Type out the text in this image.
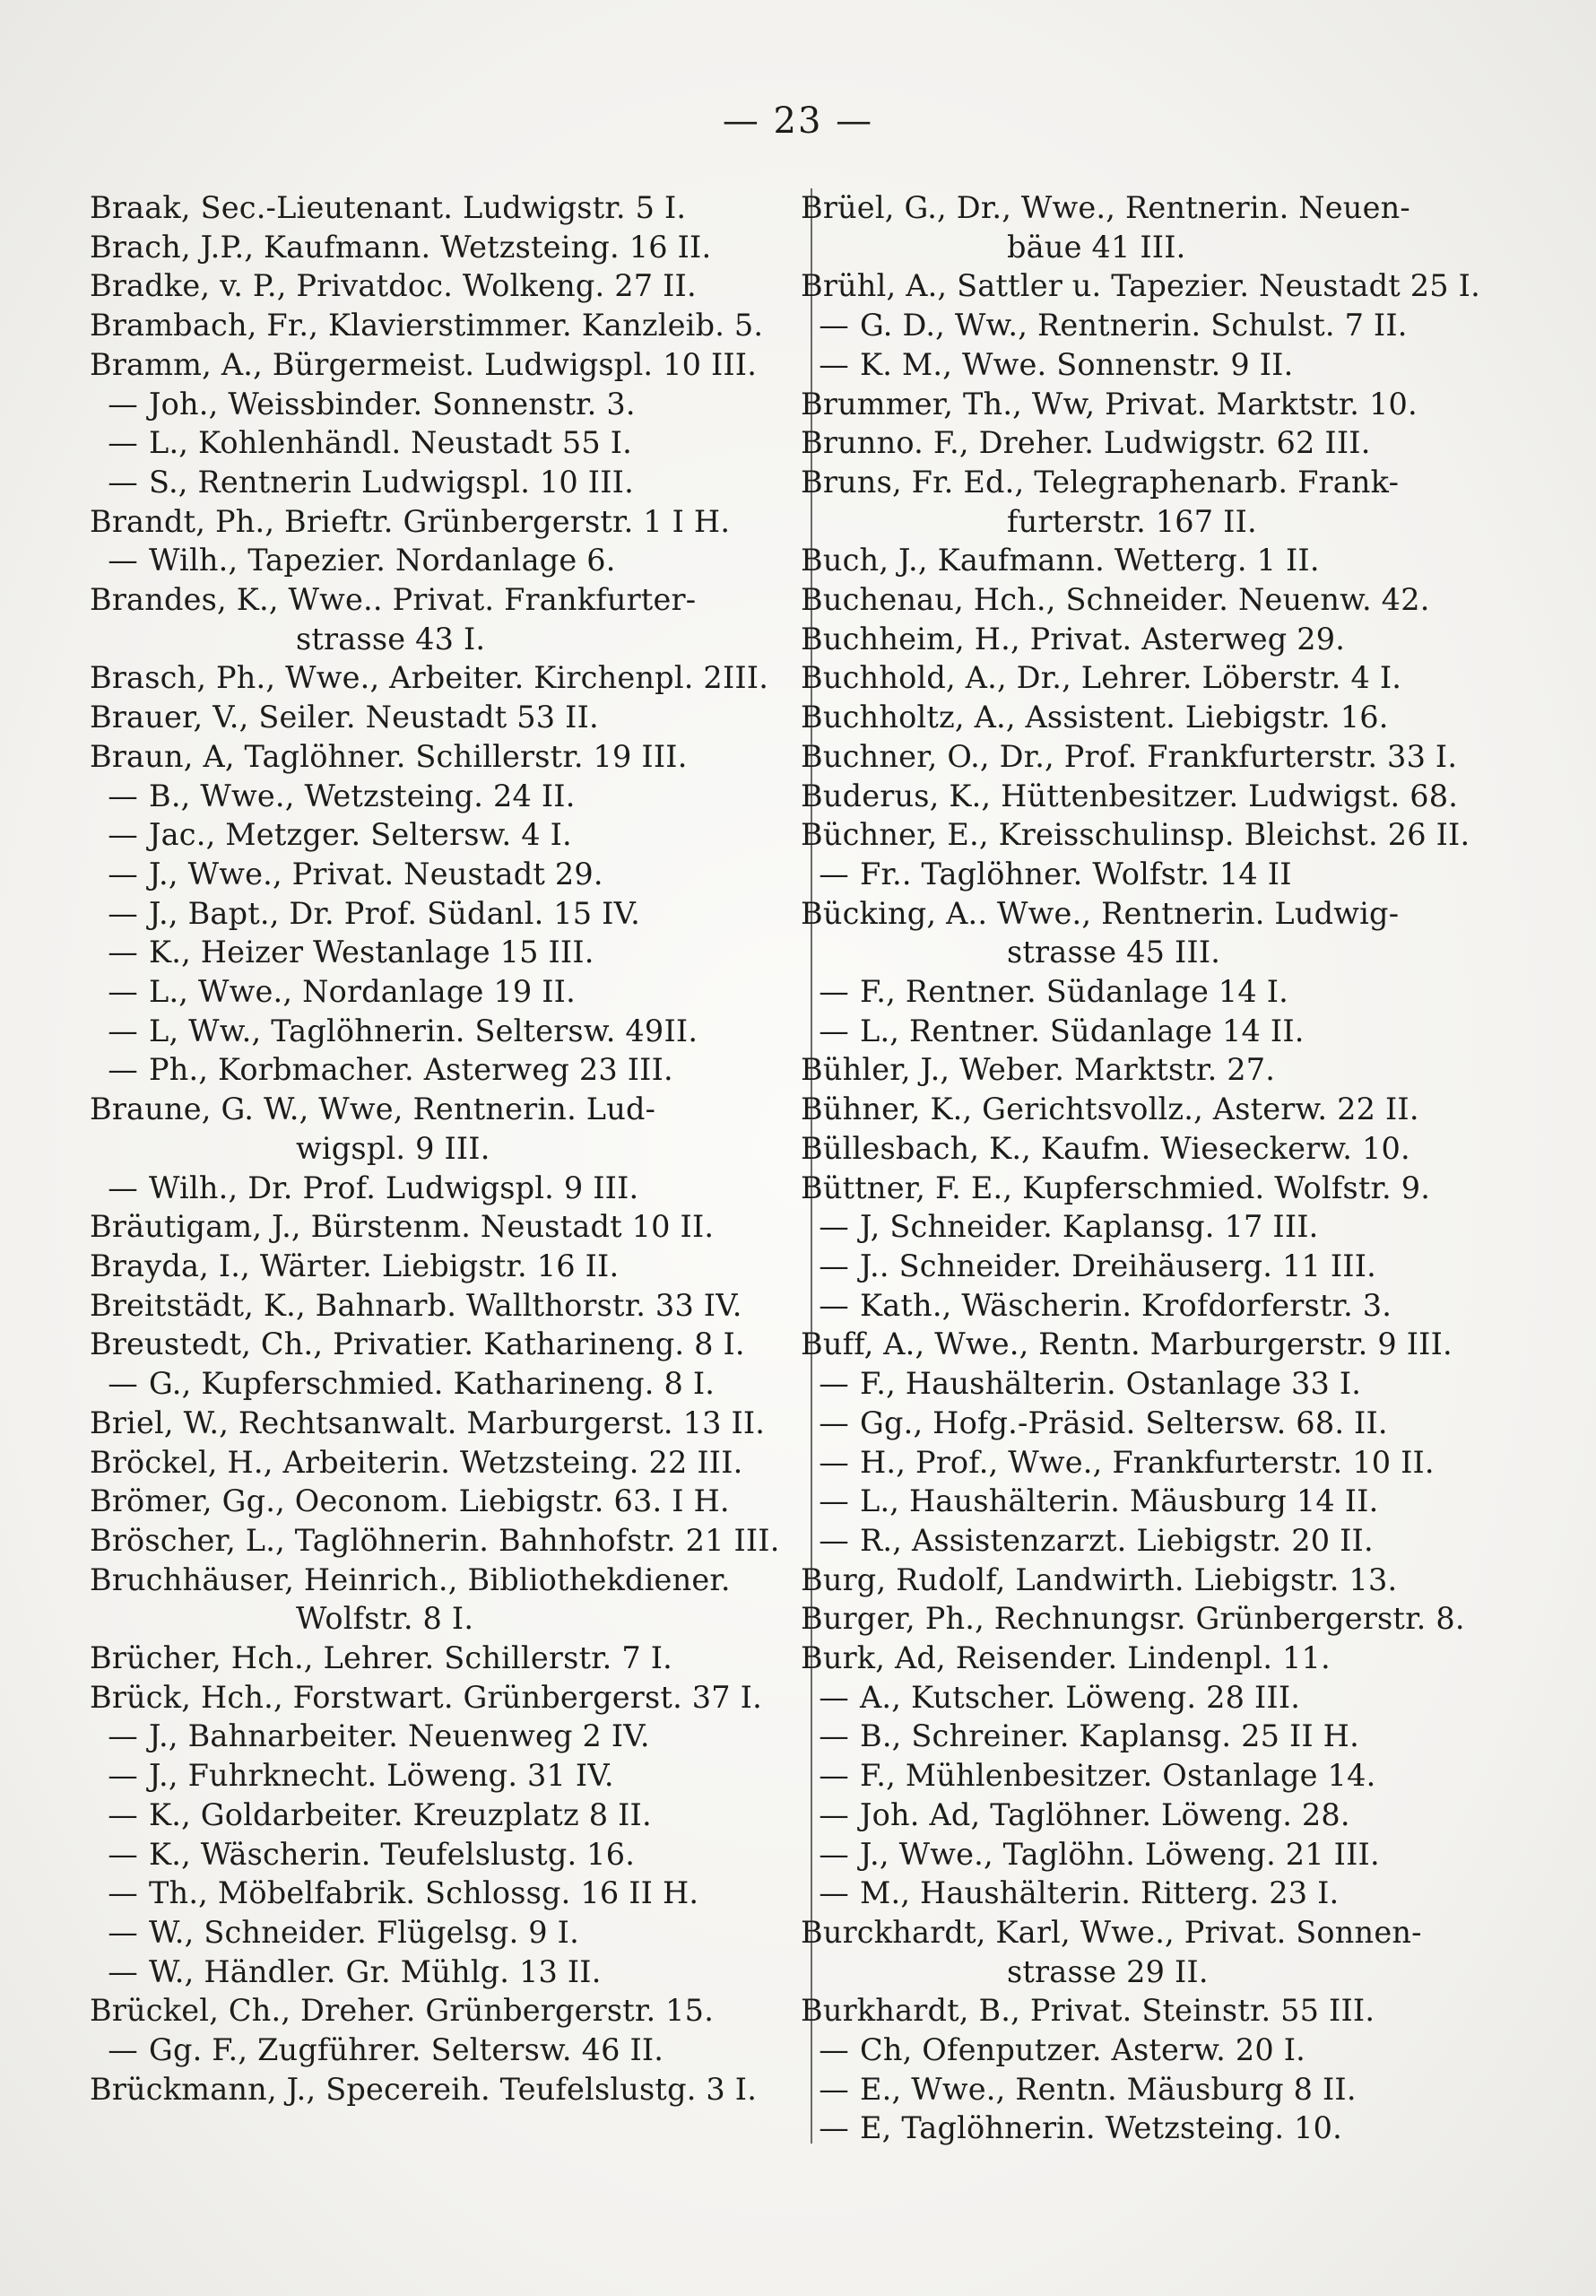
— 23 —
Braak, Sec.-Lieutenant. Ludwigstr. 5 I.
Brach, J.P., Kaufmann. Wetzsteing. 16 II.
Bradke, v. P., Privatdoc. Wolkeng. 27 II.
Brambach, Fr., Klavierstimmer. Kanzleib. 5.
Bramm, A., Bürgermeist. Ludwigspl. 10 III.
—Joh., Weissbinder. Sonnenstr. 3.
—L., Kohlenhändl. Neustadt 55 I.
—S., Rentnerin Ludwigspl. 10 III.
Brandt, Ph., Brieftr. Grünbergerstr. 1 I H.
—Wilh., Tapezier. Nordanlage 6.
Brandes, K., Wwe.. Privat. Frankfurter-
strasse 43 I.
Brasch, Ph., Wwe., Arbeiter. Kirchenpl. 2III.
Brauer, V., Seiler. Neustadt 53 II.
Braun, A, Taglöhner. Schillerstr. 19 III.
—B., Wwe., Wetzsteing. 24 II.
—Jac., Metzger. Seltersw. 4 I.
—J., Wwe., Privat. Neustadt 29.
—J., Bapt., Dr. Prof. Südanl. 15 IV.
—K., Heizer Westanlage 15 III.
—L., Wwe., Nordanlage 19 II.
—L, Ww., Taglöhnerin. Seltersw. 49II.
—Ph., Korbmacher. Asterweg 23 III.
Braune, G. W., Wwe, Rentnerin. Lud-
wigspl. 9 III.
—Wilh., Dr. Prof. Ludwigspl. 9 III.
Bräutigam, J., Bürstenm. Neustadt 10 II.
Brayda, I., Wärter. Liebigstr. 16 II.
Breitstädt, K., Bahnarb. Wallthorstr. 33 IV.
Breustedt, Ch., Privatier. Katharineng. 8 I.
—G., Kupferschmied. Katharineng. 8 I.
Briel, W., Rechtsanwalt. Marburgerst. 13 II.
Bröckel, H., Arbeiterin. Wetzsteing. 22 III.
Brömer, Gg., Oeconom. Liebigstr. 63. I H.
Bröscher, L., Taglöhnerin. Bahnhofstr. 21 III.
Bruchhäuser, Heinrich., Bibliothekdiener.
Wolfstr. 8 I.
Brücher, Hch., Lehrer. Schillerstr. 7 I.
Brück, Hch., Forstwart. Grünbergerst. 37 I.
—J., Bahnarbeiter. Neuenweg 2 IV.
—J., Fuhrknecht. Löweng. 31 IV.
—K., Goldarbeiter. Kreuzplatz 8 II.
—K., Wäscherin. Teufelslustg. 16.
—Th., Möbelfabrik. Schlossg. 16 II H.
—W., Schneider. Flügelsg. 9 I.
—W., Händler. Gr. Mühlg. 13 II.
Brückel, Ch., Dreher. Grünbergerstr. 15.
—Gg. F., Zugführer. Seltersw. 46 II.
Brückmann, J., Specereih. Teufelslustg. 3 I.
Brüel, G., Dr., Wwe., Rentnerin. Neuen-
bäue 41 III.
Brühl, A., Sattler u. Tapezier. Neustadt 25 I.
—G. D., Ww., Rentnerin. Schulst. 7 II.
—K. M., Wwe. Sonnenstr. 9 II.
Brummer, Th., Ww, Privat. Marktstr. 10.
Brunno. F., Dreher. Ludwigstr. 62 III.
Bruns, Fr. Ed., Telegraphenarb. Frank-
furterstr. 167 II.
Buch, J., Kaufmann. Wetterg. 1 II.
Buchenau, Hch., Schneider. Neuenw. 42.
Buchheim, H., Privat. Asterweg 29.
Buchhold, A., Dr., Lehrer. Löberstr. 4 I.
Buchholtz, A., Assistent. Liebigstr. 16.
Buchner, O., Dr., Prof. Frankfurterstr. 33 I.
Buderus, K., Hüttenbesitzer. Ludwigst. 68.
Büchner, E., Kreisschulinsp. Bleichst. 26 II.
—Fr.. Taglöhner. Wolfstr. 14 II
Bücking, A.. Wwe., Rentnerin. Ludwig-
strasse 45 III.
—F., Rentner. Südanlage 14 I.
—L., Rentner. Südanlage 14 II.
Bühler, J., Weber. Marktstr. 27.
Bühner, K., Gerichtsvollz., Asterw. 22 II.
Büllesbach, K., Kaufm. Wieseckerw. 10.
Büttner, F. E., Kupferschmied. Wolfstr. 9.
—J, Schneider. Kaplansg. 17 III.
—J.. Schneider. Dreihäuserg. 11 III.
—Kath., Wäscherin. Krofdorferstr. 3.
Buff, A., Wwe., Rentn. Marburgerstr. 9 III.
—F., Haushälterin. Ostanlage 33 I.
—Gg., Hofg.-Präsid. Seltersw. 68. II.
—H., Prof., Wwe., Frankfurterstr. 10 II.
—L., Haushälterin. Mäusburg 14 II.
—R., Assistenzarzt. Liebigstr. 20 II.
Burg, Rudolf, Landwirth. Liebigstr. 13.
Burger, Ph., Rechnungsr. Grünbergerstr. 8.
Burk, Ad, Reisender. Lindenpl. 11.
—A., Kutscher. Löweng. 28 III.
—B., Schreiner. Kaplansg. 25 II H.
—F., Mühlenbesitzer. Ostanlage 14.
—Joh. Ad, Taglöhner. Löweng. 28.
—J., Wwe., Taglöhn. Löweng. 21 III.
—M., Haushälterin. Ritterg. 23 I.
Burckhardt, Karl, Wwe., Privat. Sonnen-
strasse 29 II.
Burkhardt, B., Privat. Steinstr. 55 III.
—Ch, Ofenputzer. Asterw. 20 I.
—E., Wwe., Rentn. Mäusburg 8 II.
—E, Taglöhnerin. Wetzsteing. 10.
